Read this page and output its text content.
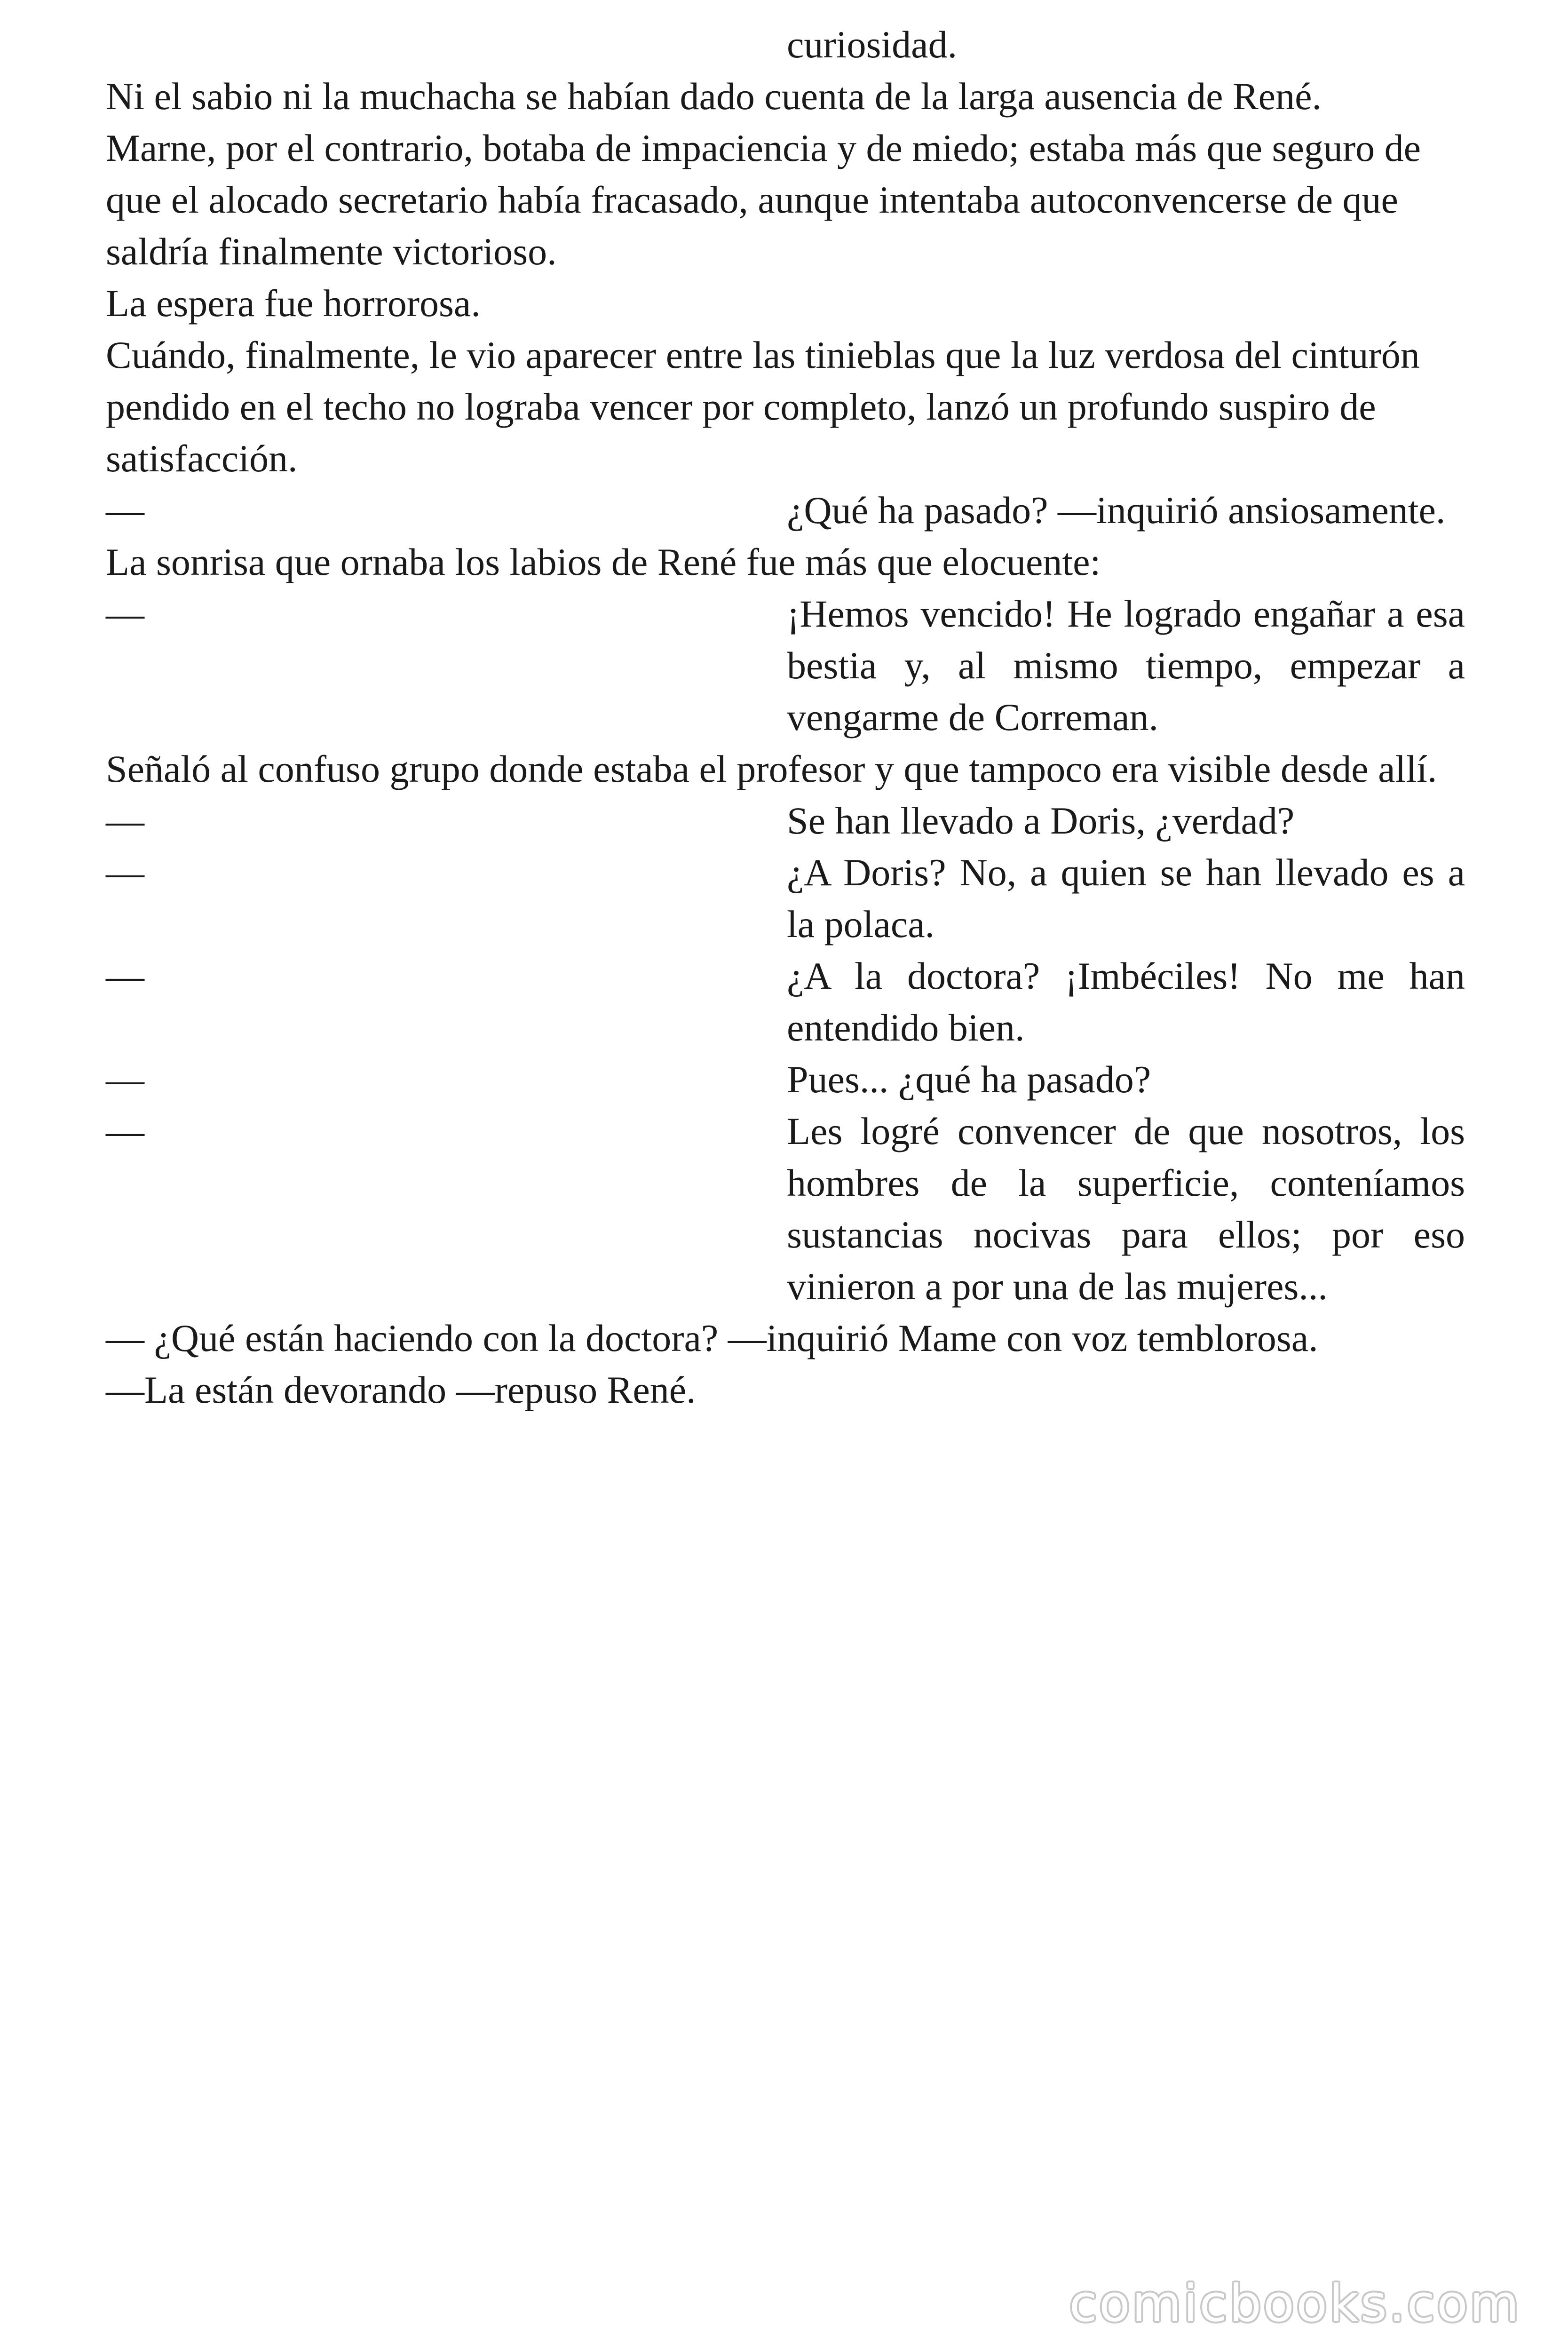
curiosidad.

Ni el sabio ni la muchacha se habían dado cuenta de la larga ausencia de René.

Marne, por el contrario, botaba de impaciencia y de miedo; estaba más que seguro de que el alocado secretario había fracasado, aunque intentaba autoconvencerse de que saldría finalmente victorioso.

La espera fue horrorosa.

Cuándo, finalmente, le vio aparecer entre las tinieblas que la luz verdosa del cinturón pendido en el techo no lograba vencer por completo, lanzó un profundo suspiro de satisfacción.

—	¿Qué ha pasado? —inquirió ansiosamente.

La sonrisa que ornaba los labios de René fue más que elocuente:

—	¡Hemos vencido! He logrado engañar a esa bestia y, al mismo tiempo, empezar a vengarme de Correman.

Señaló al confuso grupo donde estaba el profesor y que tampoco era visible desde allí.

—	Se han llevado a Doris, ¿verdad?
—	¿A Doris? No, a quien se han llevado es a la polaca.
—	¿A la doctora? ¡Imbéciles! No me han entendido bien.
—	Pues... ¿qué ha pasado?
—	Les logré convencer de que nosotros, los hombres de la superficie, conteníamos sustancias nocivas para ellos; por eso vinieron a por una de las mujeres...

— ¿Qué están haciendo con la doctora? —inquirió Mame con voz temblorosa.

—La están devorando —repuso René.

comicbooks.com
